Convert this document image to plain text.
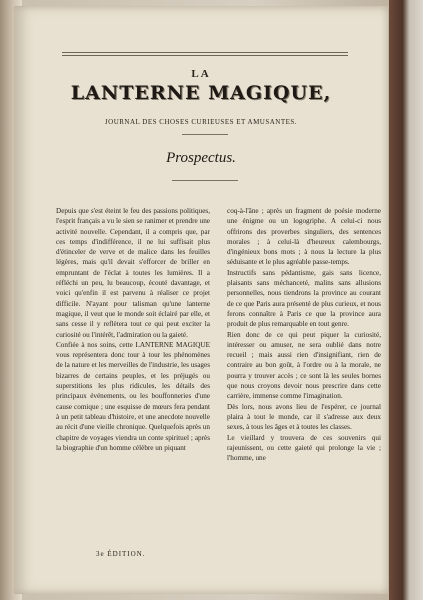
LA
LANTERNE MAGIQUE,
JOURNAL DES CHOSES CURIEUSES ET AMUSANTES.
Prospectus.

Depuis que s'est éteint le feu des passions politiques, l'esprit français a vu le sien se ranimer et prendre une activité nouvelle. Cependant, il a compris que, par ces temps d'indifférence, il ne lui suffisait plus d'étinceler de verve et de malice dans les feuilles légères, mais qu'il devait s'efforcer de briller en empruntant de l'éclat à toutes les lumières. Il a réfléchi un peu, lu beaucoup, écouté davantage, et voici qu'enfin il est parvenu à réaliser ce projet difficile. N'ayant pour talisman qu'une lanterne magique, il veut que le monde soit éclairé par elle, et sans cesse il y reflètera tout ce qui peut exciter la curiosité ou l'intérêt, l'admiration ou la gaieté.
Confiée à nos soins, cette LANTERNE MAGIQUE vous représentera donc tour à tour les phénomènes de la nature et les merveilles de l'industrie, les usages bizarres de certains peuples, et les préjugés ou superstitions les plus ridicules, les détails des principaux événements, ou les bouffonneries d'une cause comique ; une esquisse de mœurs fera pendant à un petit tableau d'histoire, et une anecdote nouvelle au récit d'une vieille chronique. Quelquefois après un chapitre de voyages viendra un conte spirituel ; après la biographie d'un homme célèbre un piquant

coq-à-l'âne ; après un fragment de poésie moderne une énigme ou un logogriphe. A celui-ci nous offrirons des proverbes singuliers, des sentences morales ; à celui-là d'heureux calembourgs, d'ingénieux bons mots ; à nous la lecture la plus séduisante et le plus agréable passe-temps.
Instructifs sans pédantisme, gais sans licence, plaisants sans méchanceté, malins sans allusions personnelles, nous tiendrons la province au courant de ce que Paris aura présenté de plus curieux, et nous ferons connaître à Paris ce que la province aura produit de plus remarquable en tout genre.
Rien donc de ce qui peut piquer la curiosité, intéresser ou amuser, ne sera oublié dans notre recueil ; mais aussi rien d'insignifiant, rien de contraire au bon goût, à l'ordre ou à la morale, ne pourra y trouver accès ; ce sont là les seules bornes que nous croyons devoir nous prescrire dans cette carrière, immense comme l'imagination.
Dès lors, nous avons lieu de l'espérer, ce journal plaira à tout le monde, car il s'adresse aux deux sexes, à tous les âges et à toutes les classes.
Le vieillard y trouvera de ces souvenirs qui rajeunissent, ou cette gaieté qui prolonge la vie ; l'homme, une

3e ÉDITION.
